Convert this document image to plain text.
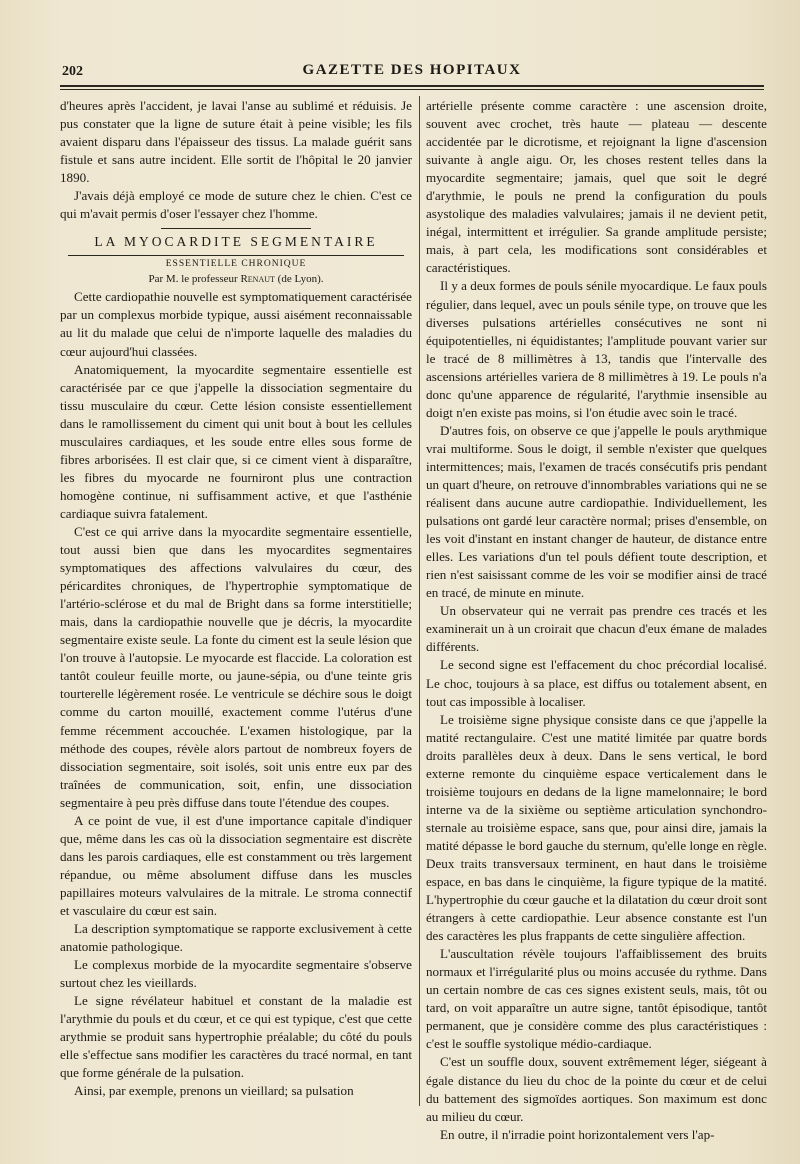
202	GAZETTE DES HOPITAUX

d'heures après l'accident, je lavai l'anse au sublimé et réduisis. Je pus constater que la ligne de suture était à peine visible; les fils avaient disparu dans l'épaisseur des tissus. La malade guérit sans fistule et sans autre incident. Elle sortit de l'hôpital le 20 janvier 1890.

J'avais déjà employé ce mode de suture chez le chien. C'est ce qui m'avait permis d'oser l'essayer chez l'homme.

LA MYOCARDITE SEGMENTAIRE
ESSENTIELLE CHRONIQUE
Par M. le professeur Renaut (de Lyon).

Cette cardiopathie nouvelle est symptomatiquement caractérisée par un complexus morbide typique, aussi aisément reconnaissable au lit du malade que celui de n'importe laquelle des maladies du cœur aujourd'hui classées.

Anatomiquement, la myocardite segmentaire essentielle est caractérisée par ce que j'appelle la dissociation segmentaire du tissu musculaire du cœur. Cette lésion consiste essentiellement dans le ramollissement du ciment qui unit bout à bout les cellules musculaires cardiaques, et les soude entre elles sous forme de fibres arborisées. Il est clair que, si ce ciment vient à disparaître, les fibres du myocarde ne fourniront plus une contraction homogène continue, ni suffisamment active, et que l'asthénie cardiaque suivra fatalement.

C'est ce qui arrive dans la myocardite segmentaire essentielle, tout aussi bien que dans les myocardites segmentaires symptomatiques des affections valvulaires du cœur, des péricardites chroniques, de l'hypertrophie symptomatique de l'artério-sclérose et du mal de Bright dans sa forme interstitielle; mais, dans la cardiopathie nouvelle que je décris, la myocardite segmentaire existe seule. La fonte du ciment est la seule lésion que l'on trouve à l'autopsie. Le myocarde est flaccide. La coloration est tantôt couleur feuille morte, ou jaune-sépia, ou d'une teinte gris tourterelle légèrement rosée. Le ventricule se déchire sous le doigt comme du carton mouillé, exactement comme l'utérus d'une femme récemment accouchée. L'examen histologique, par la méthode des coupes, révèle alors partout de nombreux foyers de dissociation segmentaire, soit isolés, soit unis entre eux par des traînées de communication, soit, enfin, une dissociation segmentaire à peu près diffuse dans toute l'étendue des coupes.

A ce point de vue, il est d'une importance capitale d'indiquer que, même dans les cas où la dissociation segmentaire est discrète dans les parois cardiaques, elle est constamment ou très largement répandue, ou même absolument diffuse dans les muscles papillaires moteurs valvulaires de la mitrale. Le stroma connectif et vasculaire du cœur est sain.

La description symptomatique se rapporte exclusivement à cette anatomie pathologique.

Le complexus morbide de la myocardite segmentaire s'observe surtout chez les vieillards.

Le signe révélateur habituel et constant de la maladie est l'arythmie du pouls et du cœur, et ce qui est typique, c'est que cette arythmie se produit sans hypertrophie préalable; du côté du pouls elle s'effectue sans modifier les caractères du tracé normal, en tant que forme générale de la pulsation.

Ainsi, par exemple, prenons un vieillard; sa pulsation

artérielle présente comme caractère : une ascension droite, souvent avec crochet, très haute — plateau — descente accidentée par le dicrotisme, et rejoignant la ligne d'ascension suivante à angle aigu. Or, les choses restent telles dans la myocardite segmentaire; jamais, quel que soit le degré d'arythmie, le pouls ne prend la configuration du pouls asystolique des maladies valvulaires; jamais il ne devient petit, inégal, intermittent et irrégulier. Sa grande amplitude persiste; mais, à part cela, les modifications sont considérables et caractéristiques.

Il y a deux formes de pouls sénile myocardique. Le faux pouls régulier, dans lequel, avec un pouls sénile type, on trouve que les diverses pulsations artérielles consécutives ne sont ni équipotentielles, ni équidistantes; l'amplitude pouvant varier sur le tracé de 8 millimètres à 13, tandis que l'intervalle des ascensions artérielles variera de 8 millimètres à 19. Le pouls n'a donc qu'une apparence de régularité, l'arythmie insensible au doigt n'en existe pas moins, si l'on étudie avec soin le tracé.

D'autres fois, on observe ce que j'appelle le pouls arythmique vrai multiforme. Sous le doigt, il semble n'exister que quelques intermittences; mais, l'examen de tracés consécutifs pris pendant un quart d'heure, on retrouve d'innombrables variations qui ne se réalisent dans aucune autre cardiopathie. Individuellement, les pulsations ont gardé leur caractère normal; prises d'ensemble, on les voit d'instant en instant changer de hauteur, de distance entre elles. Les variations d'un tel pouls défient toute description, et rien n'est saisissant comme de les voir se modifier ainsi de tracé en tracé, de minute en minute.

Un observateur qui ne verrait pas prendre ces tracés et les examinerait un à un croirait que chacun d'eux émane de malades différents.

Le second signe est l'effacement du choc précordial localisé. Le choc, toujours à sa place, est diffus ou totalement absent, en tout cas impossible à localiser.

Le troisième signe physique consiste dans ce que j'appelle la matité rectangulaire. C'est une matité limitée par quatre bords droits parallèles deux à deux. Dans le sens vertical, le bord externe remonte du cinquième espace verticalement dans le troisième toujours en dedans de la ligne mamelonnaire; le bord interne va de la sixième ou septième articulation synchondro-sternale au troisième espace, sans que, pour ainsi dire, jamais la matité dépasse le bord gauche du sternum, qu'elle longe en règle. Deux traits transversaux terminent, en haut dans le troisième espace, en bas dans le cinquième, la figure typique de la matité. L'hypertrophie du cœur gauche et la dilatation du cœur droit sont étrangers à cette cardiopathie. Leur absence constante est l'un des caractères les plus frappants de cette singulière affection.

L'auscultation révèle toujours l'affaiblissement des bruits normaux et l'irrégularité plus ou moins accusée du rythme. Dans un certain nombre de cas ces signes existent seuls, mais, tôt ou tard, on voit apparaître un autre signe, tantôt épisodique, tantôt permanent, que je considère comme des plus caractéristiques : c'est le souffle systolique médio-cardiaque.

C'est un souffle doux, souvent extrêmement léger, siégeant à égale distance du lieu du choc de la pointe du cœur et de celui du battement des sigmoïdes aortiques. Son maximum est donc au milieu du cœur.

En outre, il n'irradie point horizontalement vers l'ap-
